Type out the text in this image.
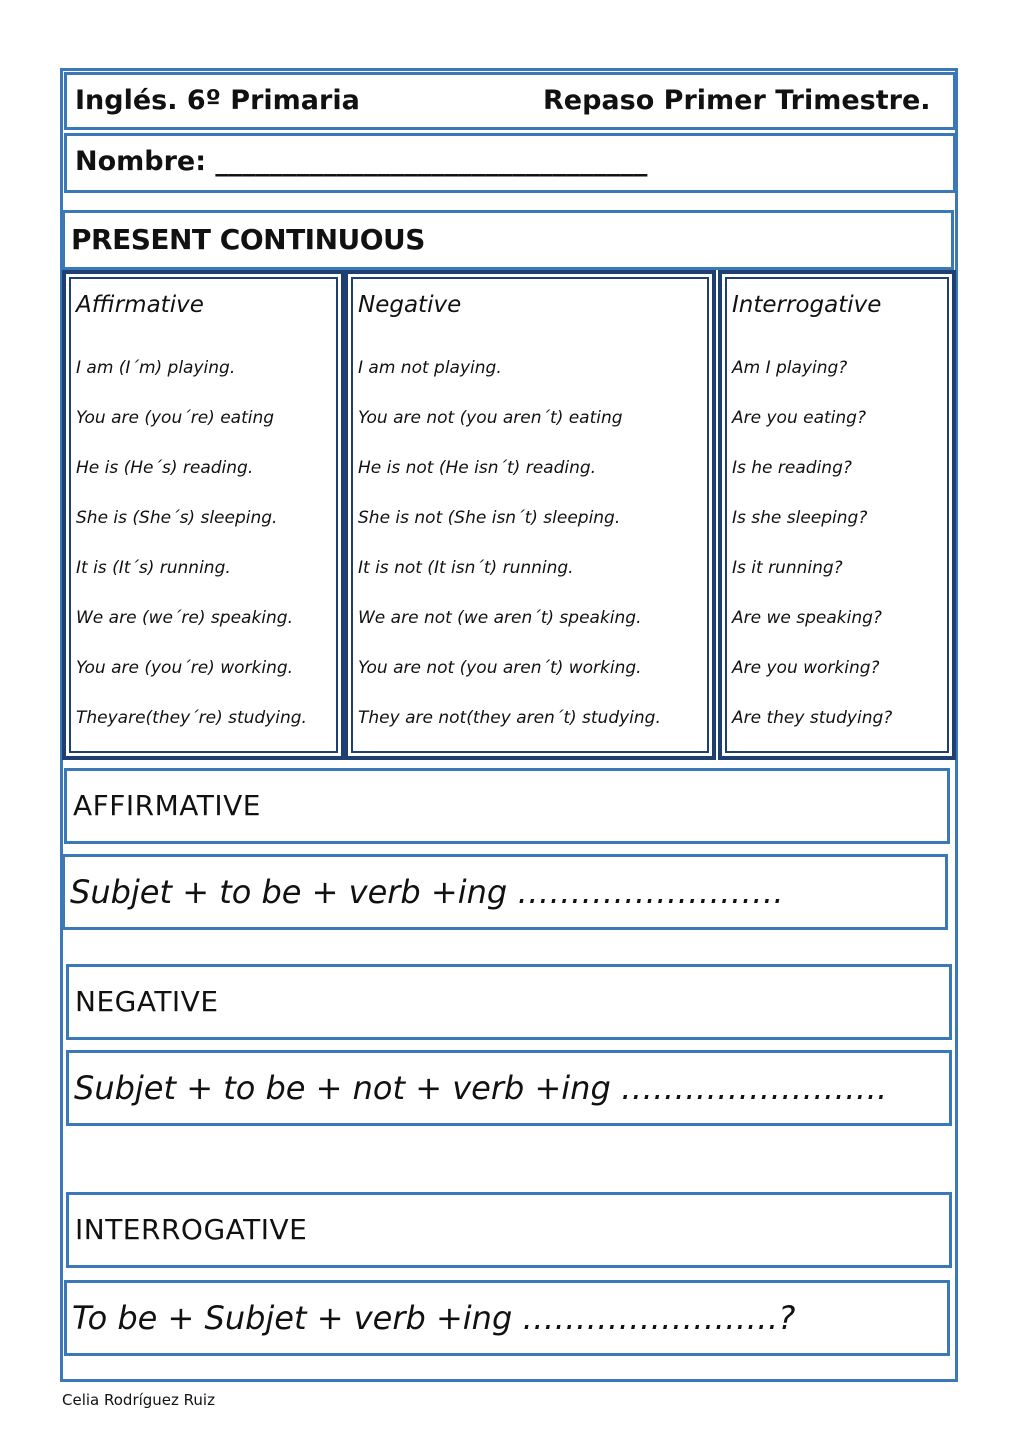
Inglés. 6º Primaria	Repaso Primer Trimestre.
Nombre: ________________________________
PRESENT CONTINUOUS
Affirmative
I am (I´m) playing.
You are (you´re) eating
He is (He´s) reading.
She is (She´s) sleeping.
It is (It´s) running.
We are (we´re) speaking.
You are (you´re) working.
Theyare(they´re) studying.
Negative
I am not playing.
You are not (you aren´t) eating
He is not (He isn´t) reading.
She is not (She isn´t) sleeping.
It is not (It isn´t) running.
We are not (we aren´t) speaking.
You are not (you aren´t) working.
They are not(they aren´t) studying.
Interrogative
Am I playing?
Are you eating?
Is he reading?
Is she sleeping?
Is it running?
Are we speaking?
Are you working?
Are they studying?
AFFIRMATIVE
Subjet + to be + verb +ing …………………….
NEGATIVE
Subjet + to be + not + verb +ing …………………….
INTERROGATIVE
To be + Subjet + verb +ing ……………………?
Celia Rodríguez Ruiz
